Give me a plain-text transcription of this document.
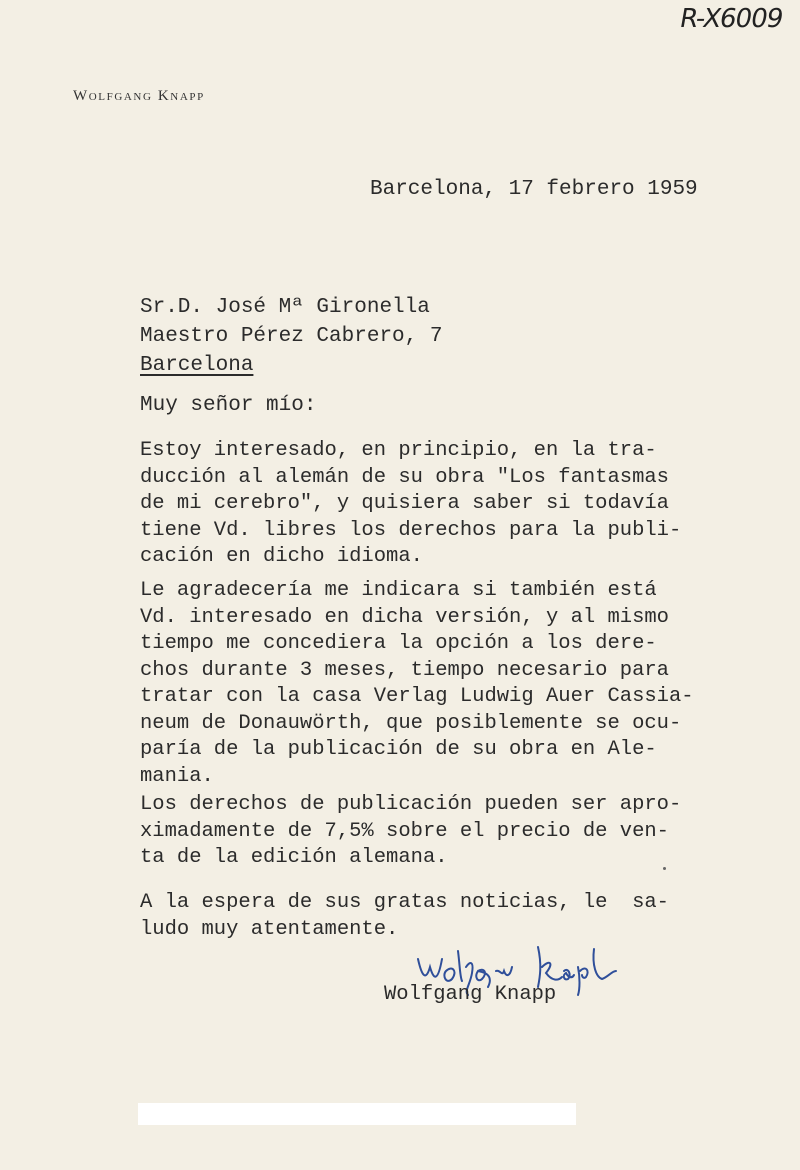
R-X6009
Wolfgang Knapp
Barcelona, 17 febrero 1959
Sr.D. José Mª Gironella
Maestro Pérez Cabrero, 7
Barcelona
Muy señor mío:

Estoy interesado, en principio, en la tra-
ducción al alemán de su obra "Los fantasmas
de mi cerebro", y quisiera saber si todavía
tiene Vd. libres los derechos para la publi-
cación en dicho idioma.

Le agradecería me indicara si también está
Vd. interesado en dicha versión, y al mismo
tiempo me concediera la opción a los dere-
chos durante 3 meses, tiempo necesario para
tratar con la casa Verlag Ludwig Auer Cassia-
neum de Donauwörth, que posiblemente se ocu-
paría de la publicación de su obra en Ale-
mania.

Los derechos de publicación pueden ser apro-
ximadamente de 7,5% sobre el precio de ven-
ta de la edición alemana.

A la espera de sus gratas noticias, le  sa-
ludo muy atentamente.

Wolfgang Knapp
